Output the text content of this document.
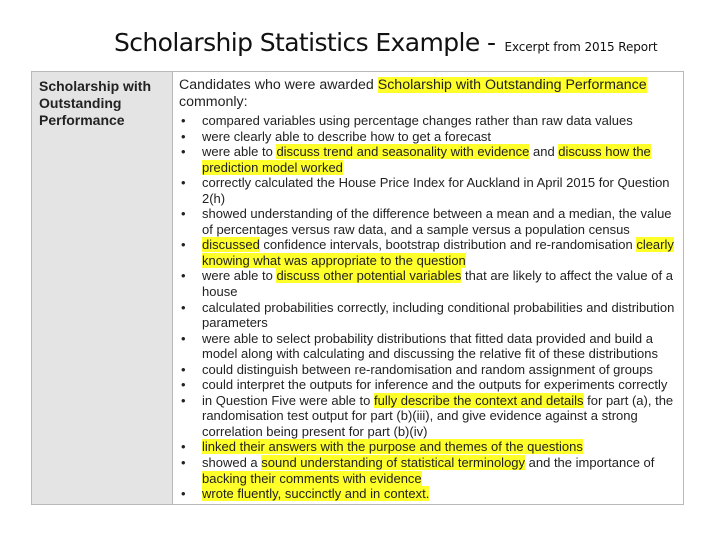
Scholarship Statistics Example - Excerpt from 2015 Report
Scholarship with Outstanding Performance
Candidates who were awarded Scholarship with Outstanding Performance commonly:
• compared variables using percentage changes rather than raw data values
• were clearly able to describe how to get a forecast
• were able to discuss trend and seasonality with evidence and discuss how the prediction model worked
• correctly calculated the House Price Index for Auckland in April 2015 for Question 2(h)
• showed understanding of the difference between a mean and a median, the value of percentages versus raw data, and a sample versus a population census
• discussed confidence intervals, bootstrap distribution and re-randomisation clearly knowing what was appropriate to the question
• were able to discuss other potential variables that are likely to affect the value of a house
• calculated probabilities correctly, including conditional probabilities and distribution parameters
• were able to select probability distributions that fitted data provided and build a model along with calculating and discussing the relative fit of these distributions
• could distinguish between re-randomisation and random assignment of groups
• could interpret the outputs for inference and the outputs for experiments correctly
• in Question Five were able to fully describe the context and details for part (a), the randomisation test output for part (b)(iii), and give evidence against a strong correlation being present for part (b)(iv)
• linked their answers with the purpose and themes of the questions
• showed a sound understanding of statistical terminology and the importance of backing their comments with evidence
• wrote fluently, succinctly and in context.
